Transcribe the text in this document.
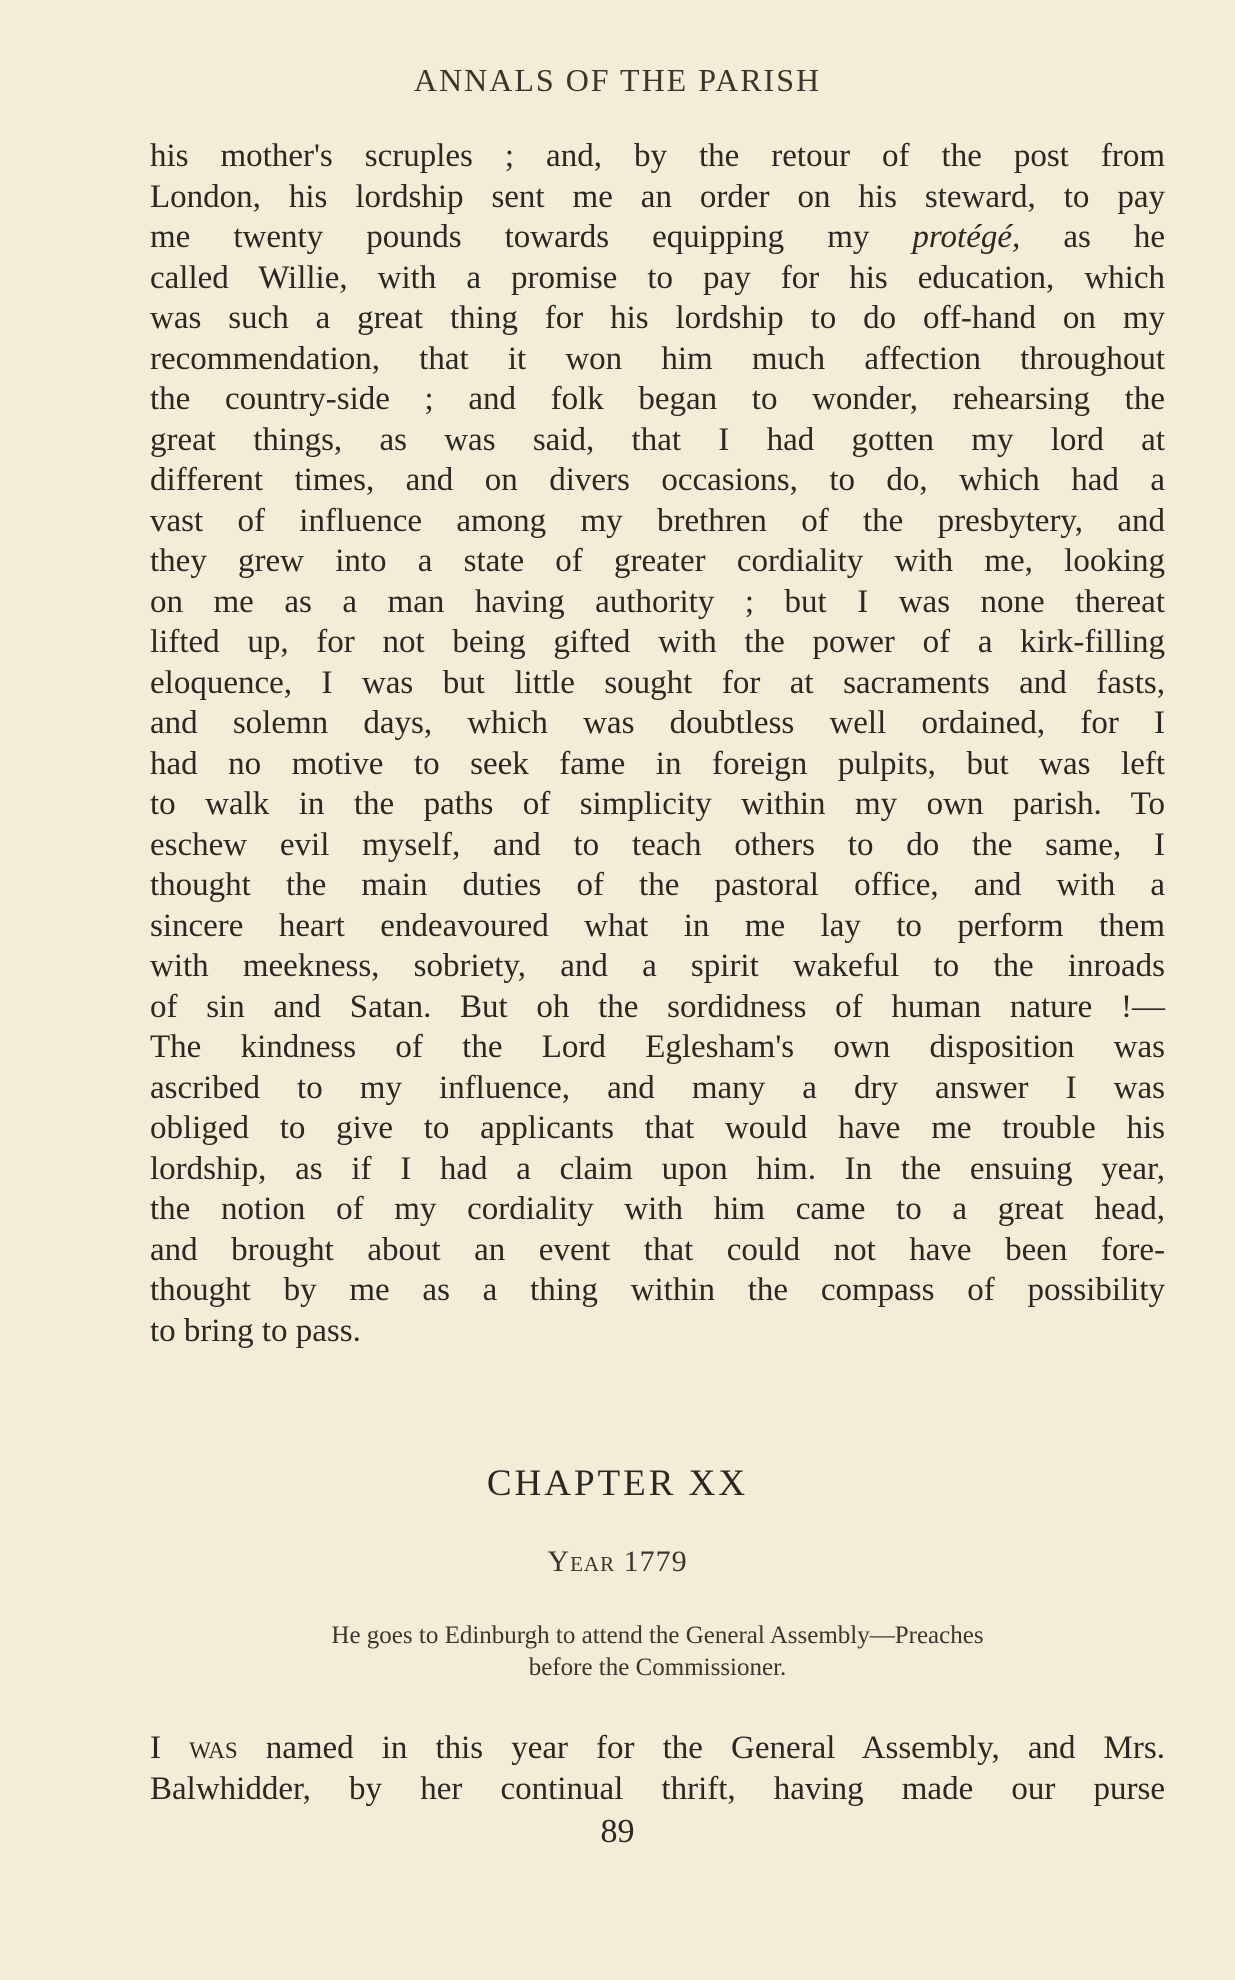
ANNALS OF THE PARISH
his mother's scruples ; and, by the retour of the post from
London, his lordship sent me an order on his steward, to pay
me twenty pounds towards equipping my protégé, as he
called Willie, with a promise to pay for his education, which
was such a great thing for his lordship to do off-hand on my
recommendation, that it won him much affection throughout
the country-side ; and folk began to wonder, rehearsing the
great things, as was said, that I had gotten my lord at
different times, and on divers occasions, to do, which had a
vast of influence among my brethren of the presbytery, and
they grew into a state of greater cordiality with me, looking
on me as a man having authority ; but I was none thereat
lifted up, for not being gifted with the power of a kirk-filling
eloquence, I was but little sought for at sacraments and fasts,
and solemn days, which was doubtless well ordained, for I
had no motive to seek fame in foreign pulpits, but was left
to walk in the paths of simplicity within my own parish. To
eschew evil myself, and to teach others to do the same, I
thought the main duties of the pastoral office, and with a
sincere heart endeavoured what in me lay to perform them
with meekness, sobriety, and a spirit wakeful to the inroads
of sin and Satan. But oh the sordidness of human nature !—
The kindness of the Lord Eglesham's own disposition was
ascribed to my influence, and many a dry answer I was
obliged to give to applicants that would have me trouble his
lordship, as if I had a claim upon him. In the ensuing year,
the notion of my cordiality with him came to a great head,
and brought about an event that could not have been fore-
thought by me as a thing within the compass of possibility
to bring to pass.
CHAPTER XX
Year 1779
He goes to Edinburgh to attend the General Assembly—Preaches
before the Commissioner.
I was named in this year for the General Assembly, and Mrs.
Balwhidder, by her continual thrift, having made our purse
89
